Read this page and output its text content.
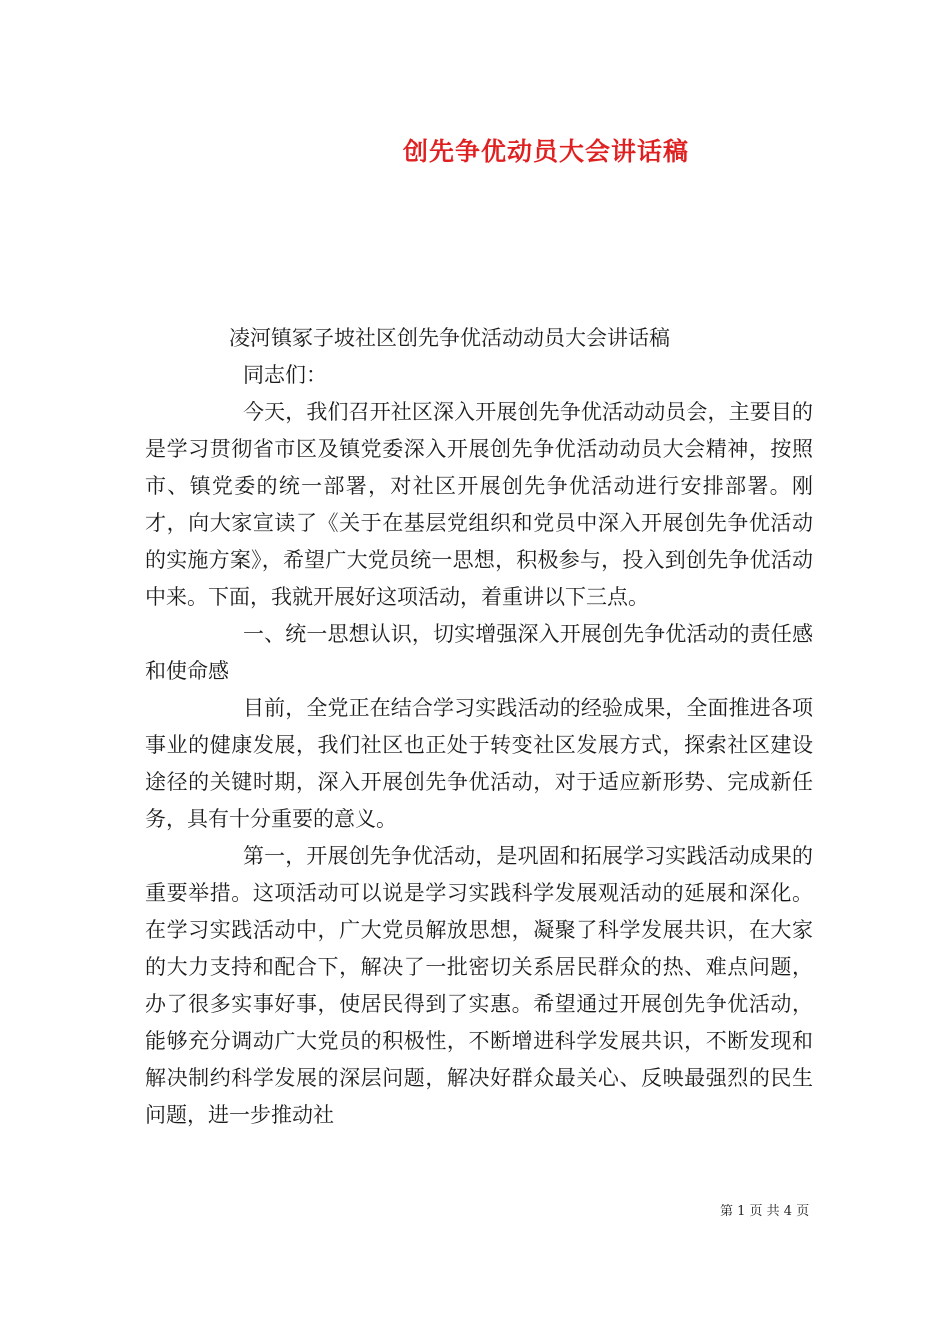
创先争优动员大会讲话稿

凌河镇冢子坡社区创先争优活动动员大会讲话稿

同志们：

今天，我们召开社区深入开展创先争优活动动员会，主要目的是学习贯彻省市区及镇党委深入开展创先争优活动动员大会精神，按照市、镇党委的统一部署，对社区开展创先争优活动进行安排部署。刚才，向大家宣读了《关于在基层党组织和党员中深入开展创先争优活动的实施方案》，希望广大党员统一思想，积极参与，投入到创先争优活动中来。下面，我就开展好这项活动，着重讲以下三点。

一、统一思想认识，切实增强深入开展创先争优活动的责任感和使命感

目前，全党正在结合学习实践活动的经验成果，全面推进各项事业的健康发展，我们社区也正处于转变社区发展方式，探索社区建设途径的关键时期，深入开展创先争优活动，对于适应新形势、完成新任务，具有十分重要的意义。

第一，开展创先争优活动，是巩固和拓展学习实践活动成果的重要举措。这项活动可以说是学习实践科学发展观活动的延展和深化。在学习实践活动中，广大党员解放思想，凝聚了科学发展共识，在大家的大力支持和配合下，解决了一批密切关系居民群众的热、难点问题，办了很多实事好事，使居民得到了实惠。希望通过开展创先争优活动，能够充分调动广大党员的积极性，不断增进科学发展共识，不断发现和解决制约科学发展的深层问题，解决好群众最关心、反映最强烈的民生问题，进一步推动社

第 1 页 共 4 页
